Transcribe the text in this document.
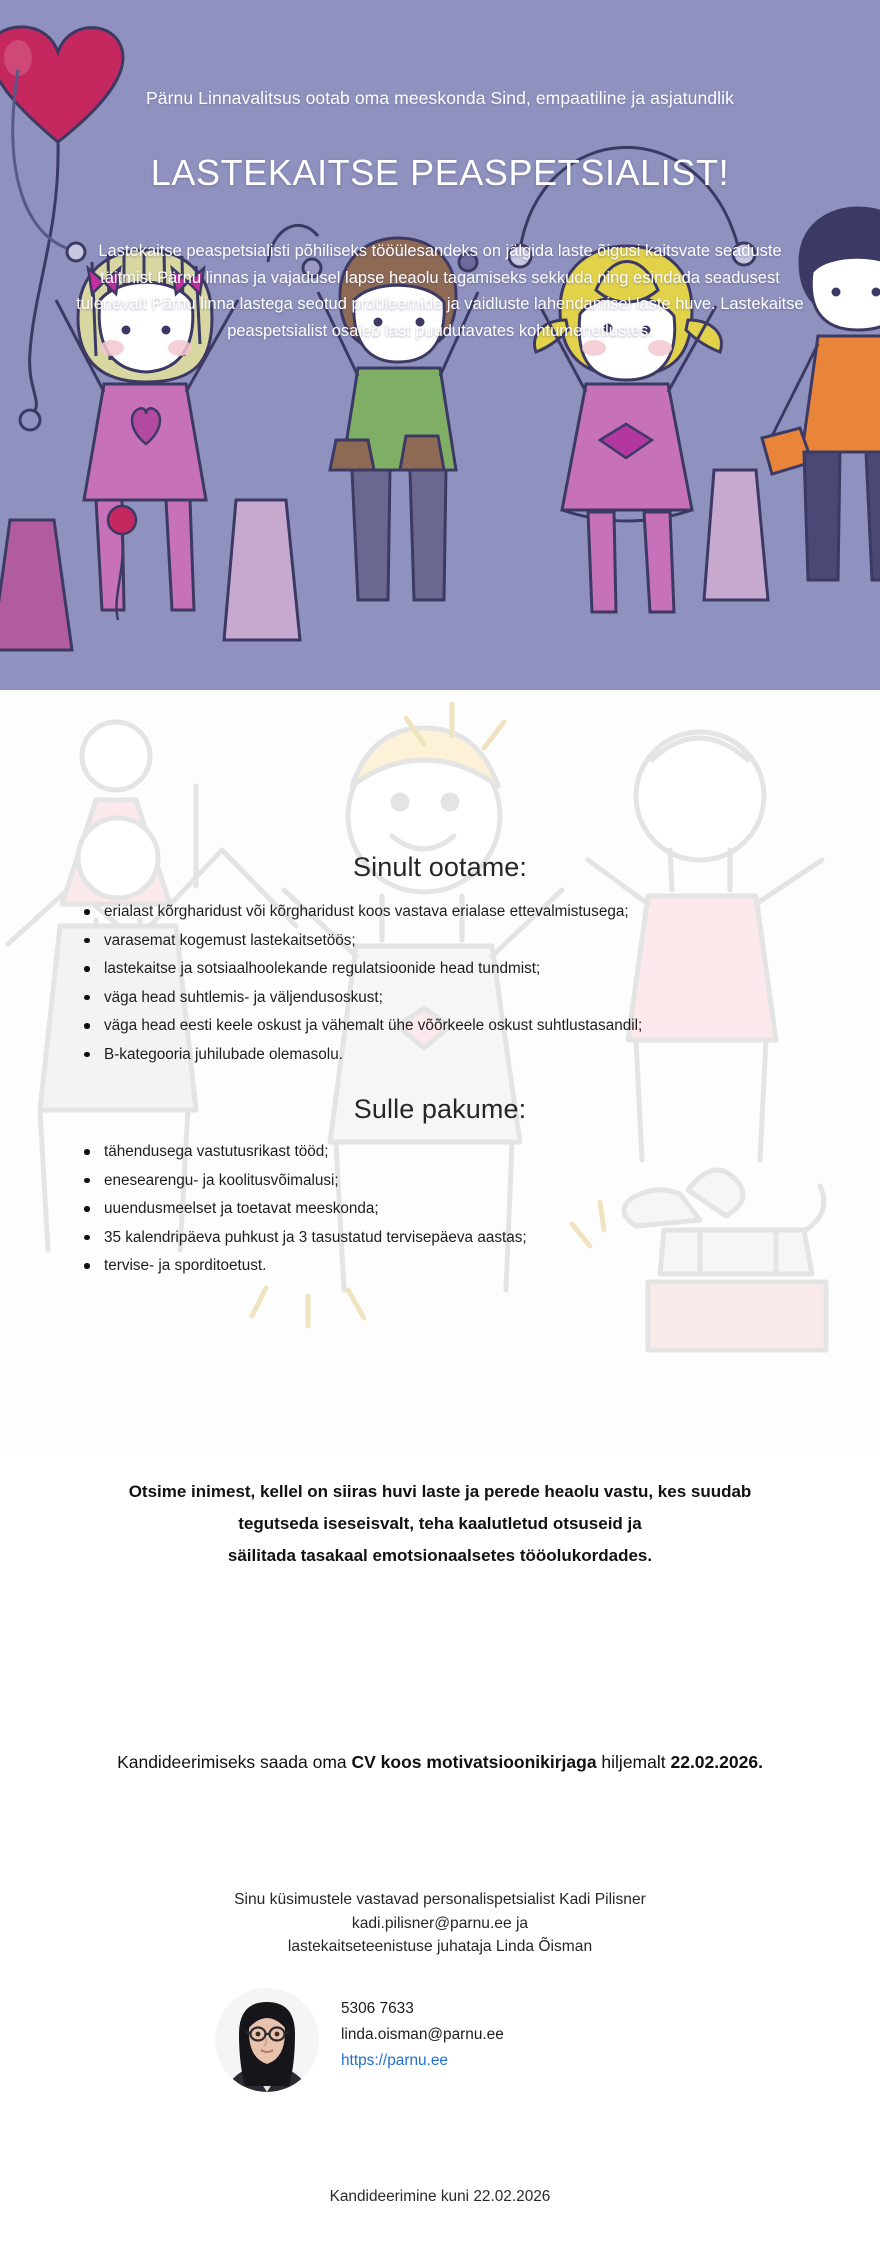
Pärnu Linnavalitsus ootab oma meeskonda Sind, empaatiline ja asjatundlik
LASTEKAITSE PEASPETSIALIST!
Lastekaitse peaspetsialisti põhiliseks tööülesandeks on jälgida laste õigusi kaitsvate seaduste täitmist Pärnu linnas ja vajadusel lapse heaolu tagamiseks sekkuda ning esindada seadusest tulenevalt Pärnu linna lastega seotud probleemide ja vaidluste lahendamisel laste huve. Lastekaitse peaspetsialist osaleb last puudutavates kohtumenetlustes.
Sinult ootame:
erialast kõrgharidust või kõrgharidust koos vastava erialase ettevalmistusega;
varasemat kogemust lastekaitsetöös;
lastekaitse ja sotsiaalhoolekande regulatsioonide head tundmist;
väga head suhtlemis- ja väljendusoskust;
väga head eesti keele oskust ja vähemalt ühe võõrkeele oskust suhtlustasandil;
B-kategooria juhilubade olemasolu.
Sulle pakume:
tähendusega vastutusrikast tööd;
enesearengu- ja koolitusvõimalusi;
uuendusmeelset ja toetavat meeskonda;
35 kalendripäeva puhkust ja 3 tasustatud tervisepäeva aastas;
tervise- ja sporditoetust.
Otsime inimest, kellel on siiras huvi laste ja perede heaolu vastu, kes suudab
tegutseda iseseisvalt, teha kaalutletud otsuseid ja
säilitada tasakaal emotsionaalsetes tööolukordades.
Kandideerimiseks saada oma CV koos motivatsioonikirjaga hiljemalt 22.02.2026.
Sinu küsimustele vastavad personalispetsialist Kadi Pilisner
kadi.pilisner@parnu.ee ja
lastekaitseteenistuse juhataja Linda Õisman
5306 7633
linda.oisman@parnu.ee
https://parnu.ee
Kandideerimine kuni 22.02.2026
